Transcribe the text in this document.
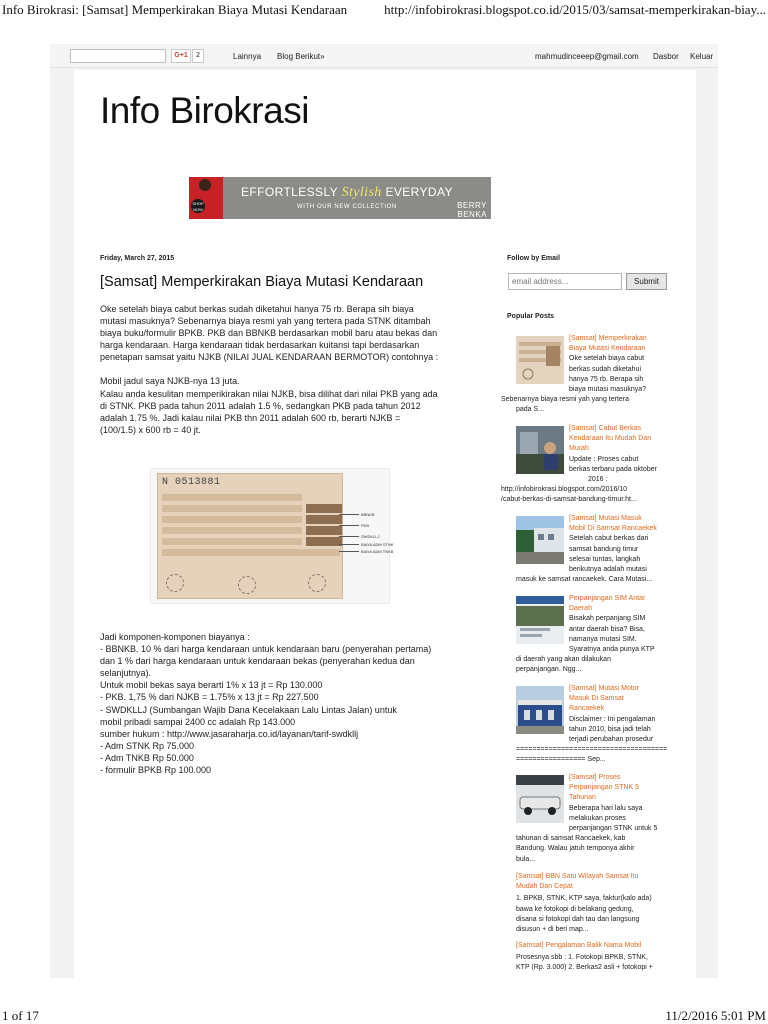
Info Birokrasi: [Samsat] Memperkirakan Biaya Mutasi Kendaraan	http://infobirokrasi.blogspot.co.id/2015/03/samsat-memperkirakan-biay...
G+1	2	Lainnya Blog Berikut»	mahmudinceeep@gmail.com Dasbor Keluar
Info Birokrasi
SHOP NOW
EFFORTLESSLY Stylish EVERYDAY
WITH OUR NEW COLLECTION	BERRY BENKA
Friday, March 27, 2015
[Samsat] Memperkirakan Biaya Mutasi Kendaraan

Oke setelah biaya cabut berkas sudah diketahui hanya 75 rb. Berapa sih biaya

mutasi masuknya? Sebenarnya biaya resmi yah yang tertera pada STNK ditambah

biaya buku/formulir BPKB. PKB dan BBNKB berdasarkan mobil baru atau bekas dan

harga kendaraan. Harga kendaraan tidak berdasarkan kuitansi tapi berdasarkan

penetapan samsat yaitu NJKB (NILAI JUAL KENDARAAN BERMOTOR) contohnya :

Mobil jadul saya NJKB-nya 13 juta.

Kalau anda kesulitan memperikirakan nilai NJKB, bisa dilihat dari nilai PKB yang ada

di STNK. PKB pada tahun 2011 adalah 1.5 %, sedangkan PKB pada tahun 2012

adalah 1.75 %. Jadi kalau nilai PKB thn 2011 adalah 600 rb, berarti NJKB =

(100/1.5) x 600 rb = 40 jt.

N 0513881
BBNKB
PKB
SWDKLLJ
BIAYA ADM STNK
BIAYA ADM TNKB

Jadi komponen-komponen biayanya :

- BBNKB. 10 % dari harga kendaraan untuk kendaraan baru (penyerahan pertama)

dan 1 % dari harga kendaraan untuk kendaraan bekas (penyerahan kedua dan

selanjutnya).

Untuk mobil bekas saya berarti 1% x 13 jt = Rp 130.000

- PKB. 1,75 % dari NJKB = 1.75% x 13 jt = Rp 227.500

- SWDKLLJ (Sumbangan Wajib Dana Kecelakaan Lalu Lintas Jalan) untuk

mobil pribadi sampai 2400 cc adalah Rp 143.000

sumber hukum : http://www.jasaraharja.co.id/layanan/tarif-swdkllj

- Adm STNK Rp 75.000

- Adm TNKB Rp 50.000

- formulir BPKB Rp 100.000

Follow by Email
email address...
Submit
Popular Posts
[Samsat] Memperkirakan
Biaya Mutasi Kendaraan
Oke setelah biaya cabut
berkas sudah diketahui
hanya 75 rb. Berapa sih
biaya mutasi masuknya?
Sebenarnya biaya resmi yah yang tertera
pada S...
[Samsat] Cabut Berkas
Kendaraan Itu Mudah Dan
Murah
Update : Proses cabut
berkas terbaru pada oktober
2016 :
http://infobirokrasi.blogspot.com/2016/10
/cabut-berkas-di-samsat-bandung-timur.ht...
[Samsat] Mutasi Masuk
Mobil Di Samsat Rancaekek
Setelah cabut berkas dari
samsat bandung timur
selesai tuntas, langkah
berikutnya adalah mutasi
masuk ke samsat rancaekek. Cara Mutasi...
Perpanjangan SIM Antar
Daerah
Bisakah perpanjang SIM
antar daerah bisa? Bisa,
namanya mutasi SIM.
Syaratnya anda punya KTP
di daerah yang akan dilakukan
perpanjangan. Ngg...
[Samsat] Mutasi Motor
Masuk Di Samsat
Rancaekek
Disclaimer : Ini pengalaman
tahun 2010, bisa jadi telah
terjadi perubahan prosedur
=====================================
================= Sep...
[Samsat] Proses
Perpanjangan STNK 5
Tahunan
Beberapa hari lalu saya
melakukan proses
perpanjangan STNK untuk 5
tahunan di samsat Rancaekek, kab
Bandung. Walau jatuh temponya akhir
bula...
[Samsat] BBN Satu Wilayah Samsat Itu
Mudah Dan Cepat
1. BPKB, STNK, KTP saya, faktur(kalo ada)
bawa ke fotokopi di belakang gedung,
disana si fotokopi dah tau dan langsung
disusun + di beri map...
[Samsat] Pengalaman Balik Nama Mobil
Prosesnya sbb : 1. Fotokopi BPKB, STNK,
KTP (Rp. 3.000) 2. Berkas2 asli + fotokopi +
1 of 17	11/2/2016 5:01 PM
